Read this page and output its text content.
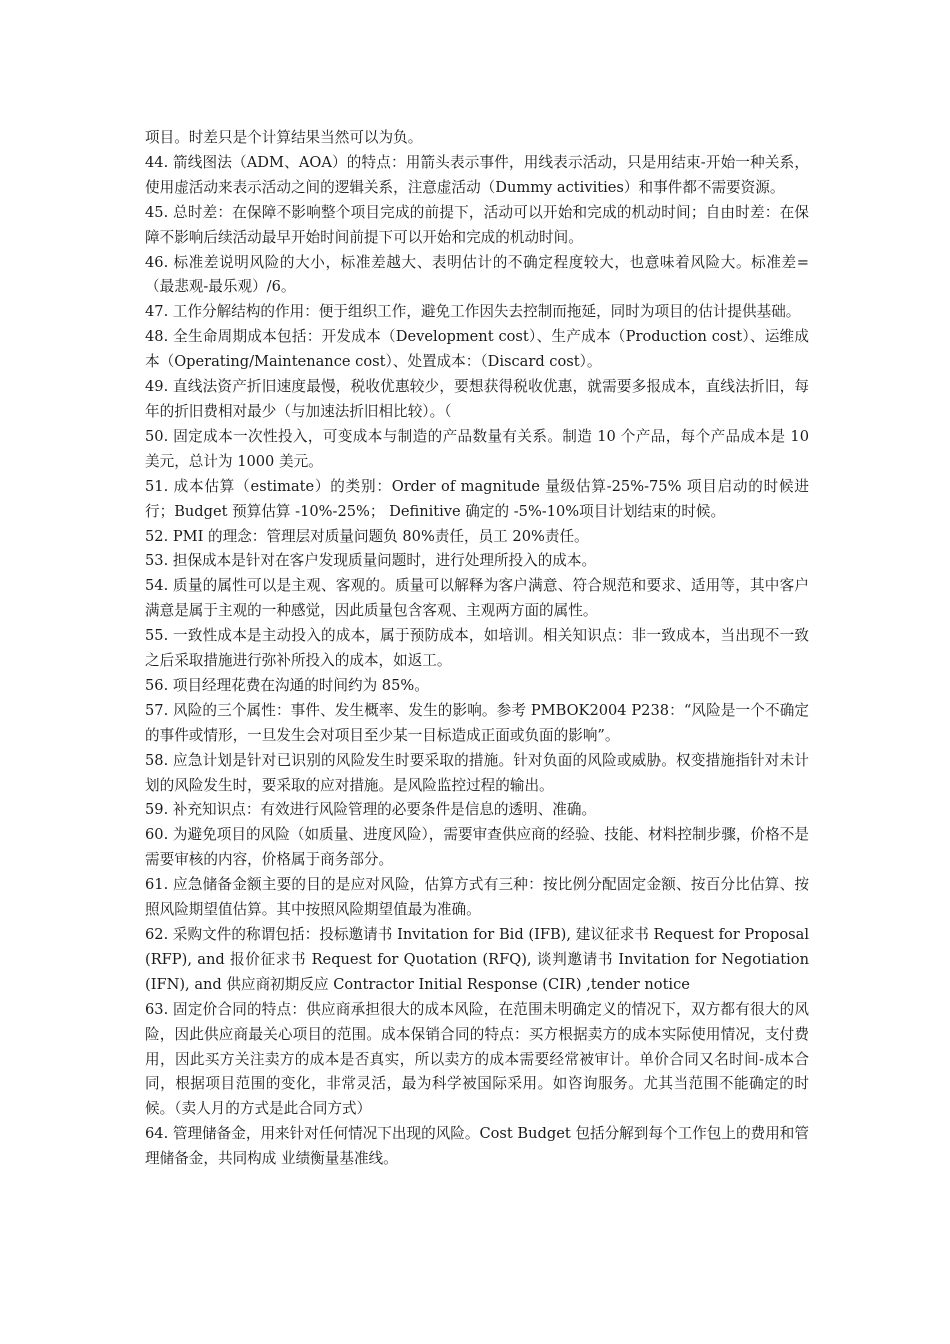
项目。时差只是个计算结果当然可以为负。

44. 箭线图法（ADM、AOA）的特点：用箭头表示事件，用线表示活动，只是用结束-开始一种关系，使用虚活动来表示活动之间的逻辑关系，注意虚活动（Dummy activities）和事件都不需要资源。

45. 总时差：在保障不影响整个项目完成的前提下，活动可以开始和完成的机动时间；自由时差：在保障不影响后续活动最早开始时间前提下可以开始和完成的机动时间。

46. 标准差说明风险的大小，标准差越大、表明估计的不确定程度较大，也意味着风险大。标准差=（最悲观-最乐观）/6。

47. 工作分解结构的作用：便于组织工作，避免工作因失去控制而拖延，同时为项目的估计提供基础。

48. 全生命周期成本包括：开发成本（Development cost）、生产成本（Production cost）、运维成本（Operating/Maintenance cost）、处置成本：（Discard cost）。

49. 直线法资产折旧速度最慢，税收优惠较少，要想获得税收优惠，就需要多报成本，直线法折旧，每年的折旧费相对最少（与加速法折旧相比较）。（

50. 固定成本一次性投入，可变成本与制造的产品数量有关系。制造 10 个产品，每个产品成本是 10 美元，总计为 1000 美元。

51. 成本估算（estimate）的类别：Order of magnitude 量级估算-25%-75% 项目启动的时候进行；Budget 预算估算 -10%-25%； Definitive 确定的 -5%-10%项目计划结束的时候。

52. PMI 的理念：管理层对质量问题负 80%责任，员工 20%责任。

53. 担保成本是针对在客户发现质量问题时，进行处理所投入的成本。

54. 质量的属性可以是主观、客观的。质量可以解释为客户满意、符合规范和要求、适用等，其中客户满意是属于主观的一种感觉，因此质量包含客观、主观两方面的属性。

55. 一致性成本是主动投入的成本，属于预防成本，如培训。相关知识点：非一致成本，当出现不一致之后采取措施进行弥补所投入的成本，如返工。

56. 项目经理花费在沟通的时间约为 85%。

57. 风险的三个属性：事件、发生概率、发生的影响。参考 PMBOK2004 P238：“风险是一个不确定的事件或情形，一旦发生会对项目至少某一目标造成正面或负面的影响”。

58. 应急计划是针对已识别的风险发生时要采取的措施。针对负面的风险或威胁。权变措施指针对未计划的风险发生时，要采取的应对措施。是风险监控过程的输出。

59. 补充知识点：有效进行风险管理的必要条件是信息的透明、准确。

60. 为避免项目的风险（如质量、进度风险），需要审查供应商的经验、技能、材料控制步骤，价格不是需要审核的内容，价格属于商务部分。

61. 应急储备金额主要的目的是应对风险，估算方式有三种：按比例分配固定金额、按百分比估算、按照风险期望值估算。其中按照风险期望值最为准确。

62. 采购文件的称谓包括：投标邀请书 Invitation for Bid (IFB), 建议征求书 Request for Proposal (RFP), and 报价征求书 Request for Quotation (RFQ), 谈判邀请书 Invitation for Negotiation (IFN), and 供应商初期反应 Contractor Initial Response (CIR) ,tender notice

63. 固定价合同的特点：供应商承担很大的成本风险，在范围未明确定义的情况下，双方都有很大的风险，因此供应商最关心项目的范围。成本保销合同的特点：买方根据卖方的成本实际使用情况，支付费用，因此买方关注卖方的成本是否真实，所以卖方的成本需要经常被审计。单价合同又名时间-成本合同，根据项目范围的变化，非常灵活，最为科学被国际采用。如咨询服务。尤其当范围不能确定的时候。（卖人月的方式是此合同方式）

64. 管理储备金，用来针对任何情况下出现的风险。Cost Budget 包括分解到每个工作包上的费用和管理储备金，共同构成 业绩衡量基准线。
